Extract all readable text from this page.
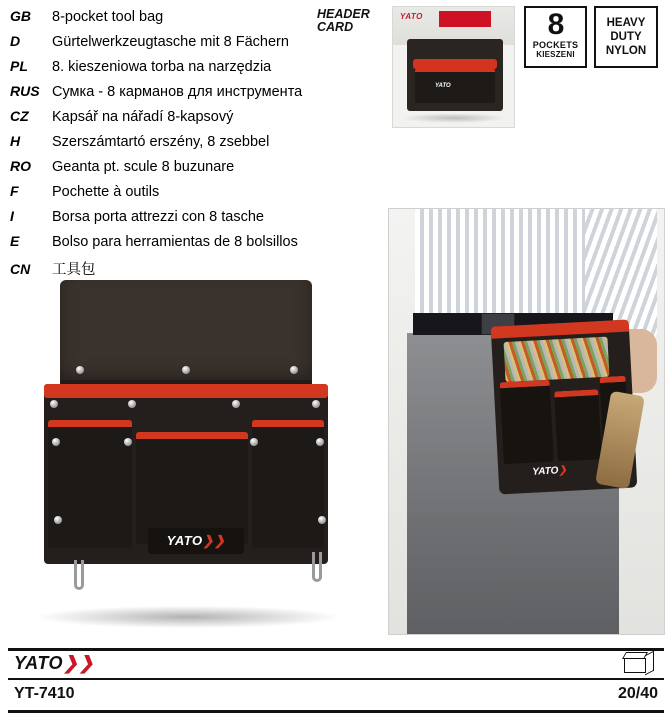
GB	8-pocket tool bag
D	Gürtelwerkzeugtasche mit 8 Fächern
PL	8. kieszeniowa torba na narzędzia
RUS Сумка - 8 карманов для инструмента
CZ	Kapsář na nářadí 8-kapsový
H	Szerszámtartó erszény, 8 zsebbel
RO	Geanta pt. scule 8 buzunare
F	Pochette à outils
I	Borsa porta attrezzi con 8 tasche
E	Bolso para herramientas de 8 bolsillos
CN	工具包
HEADER CARD
YATO
YATO
8
POCKETS
KIESZENI
HEAVY
DUTY
NYLON
YATO❯❯
YATO❯
YATO❯❯
YT-7410	20/40
